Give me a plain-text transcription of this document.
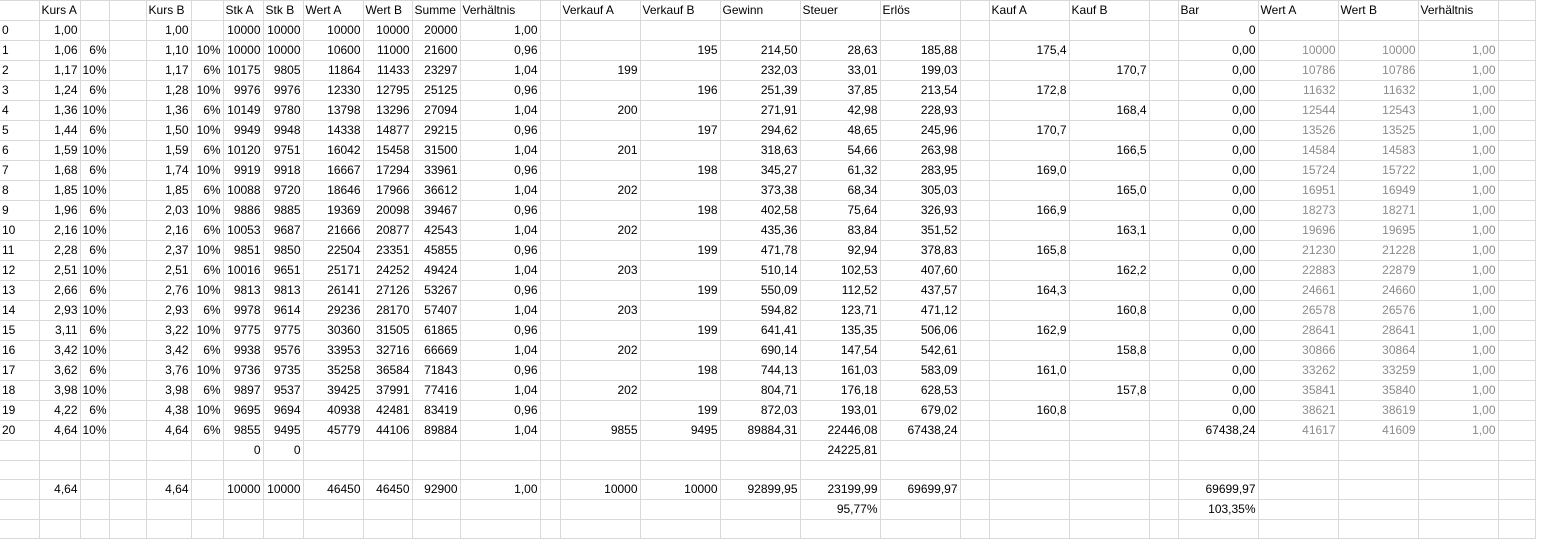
	Kurs A			Kurs B		Stk A	Stk B	Wert A	Wert B	Summe	Verhältnis		Verkauf A	Verkauf B	Gewinn	Steuer	Erlös		Kauf A	Kauf B		Bar	Wert A	Wert B	Verhältnis	
0	1,00			1,00		10000	10000	10000	10000	20000	1,00											0				
1	1,06	6%		1,10	10%	10000	10000	10600	11000	21600	0,96			195	214,50	28,63	185,88		175,4			0,00	10000	10000	1,00	
2	1,17	10%		1,17	6%	10175	9805	11864	11433	23297	1,04		199		232,03	33,01	199,03			170,7		0,00	10786	10786	1,00	
3	1,24	6%		1,28	10%	9976	9976	12330	12795	25125	0,96			196	251,39	37,85	213,54		172,8			0,00	11632	11632	1,00	
4	1,36	10%		1,36	6%	10149	9780	13798	13296	27094	1,04		200		271,91	42,98	228,93			168,4		0,00	12544	12543	1,00	
5	1,44	6%		1,50	10%	9949	9948	14338	14877	29215	0,96			197	294,62	48,65	245,96		170,7			0,00	13526	13525	1,00	
6	1,59	10%		1,59	6%	10120	9751	16042	15458	31500	1,04		201		318,63	54,66	263,98			166,5		0,00	14584	14583	1,00	
7	1,68	6%		1,74	10%	9919	9918	16667	17294	33961	0,96			198	345,27	61,32	283,95		169,0			0,00	15724	15722	1,00	
8	1,85	10%		1,85	6%	10088	9720	18646	17966	36612	1,04		202		373,38	68,34	305,03			165,0		0,00	16951	16949	1,00	
9	1,96	6%		2,03	10%	9886	9885	19369	20098	39467	0,96			198	402,58	75,64	326,93		166,9			0,00	18273	18271	1,00	
10	2,16	10%		2,16	6%	10053	9687	21666	20877	42543	1,04		202		435,36	83,84	351,52			163,1		0,00	19696	19695	1,00	
11	2,28	6%		2,37	10%	9851	9850	22504	23351	45855	0,96			199	471,78	92,94	378,83		165,8			0,00	21230	21228	1,00	
12	2,51	10%		2,51	6%	10016	9651	25171	24252	49424	1,04		203		510,14	102,53	407,60			162,2		0,00	22883	22879	1,00	
13	2,66	6%		2,76	10%	9813	9813	26141	27126	53267	0,96			199	550,09	112,52	437,57		164,3			0,00	24661	24660	1,00	
14	2,93	10%		2,93	6%	9978	9614	29236	28170	57407	1,04		203		594,82	123,71	471,12			160,8		0,00	26578	26576	1,00	
15	3,11	6%		3,22	10%	9775	9775	30360	31505	61865	0,96			199	641,41	135,35	506,06		162,9			0,00	28641	28641	1,00	
16	3,42	10%		3,42	6%	9938	9576	33953	32716	66669	1,04		202		690,14	147,54	542,61			158,8		0,00	30866	30864	1,00	
17	3,62	6%		3,76	10%	9736	9735	35258	36584	71843	0,96			198	744,13	161,03	583,09		161,0			0,00	33262	33259	1,00	
18	3,98	10%		3,98	6%	9897	9537	39425	37991	77416	1,04		202		804,71	176,18	628,53			157,8		0,00	35841	35840	1,00	
19	4,22	6%		4,38	10%	9695	9694	40938	42481	83419	0,96			199	872,03	193,01	679,02		160,8			0,00	38621	38619	1,00	
20	4,64	10%		4,64	6%	9855	9495	45779	44106	89884	1,04		9855	9495	89884,31	22446,08	67438,24					67438,24	41617	41609	1,00	
						0	0									24225,81										

	4,64			4,64		10000	10000	46450	46450	92900	1,00		10000	10000	92899,95	23199,99	69699,97					69699,97				
																95,77%						103,35%				
